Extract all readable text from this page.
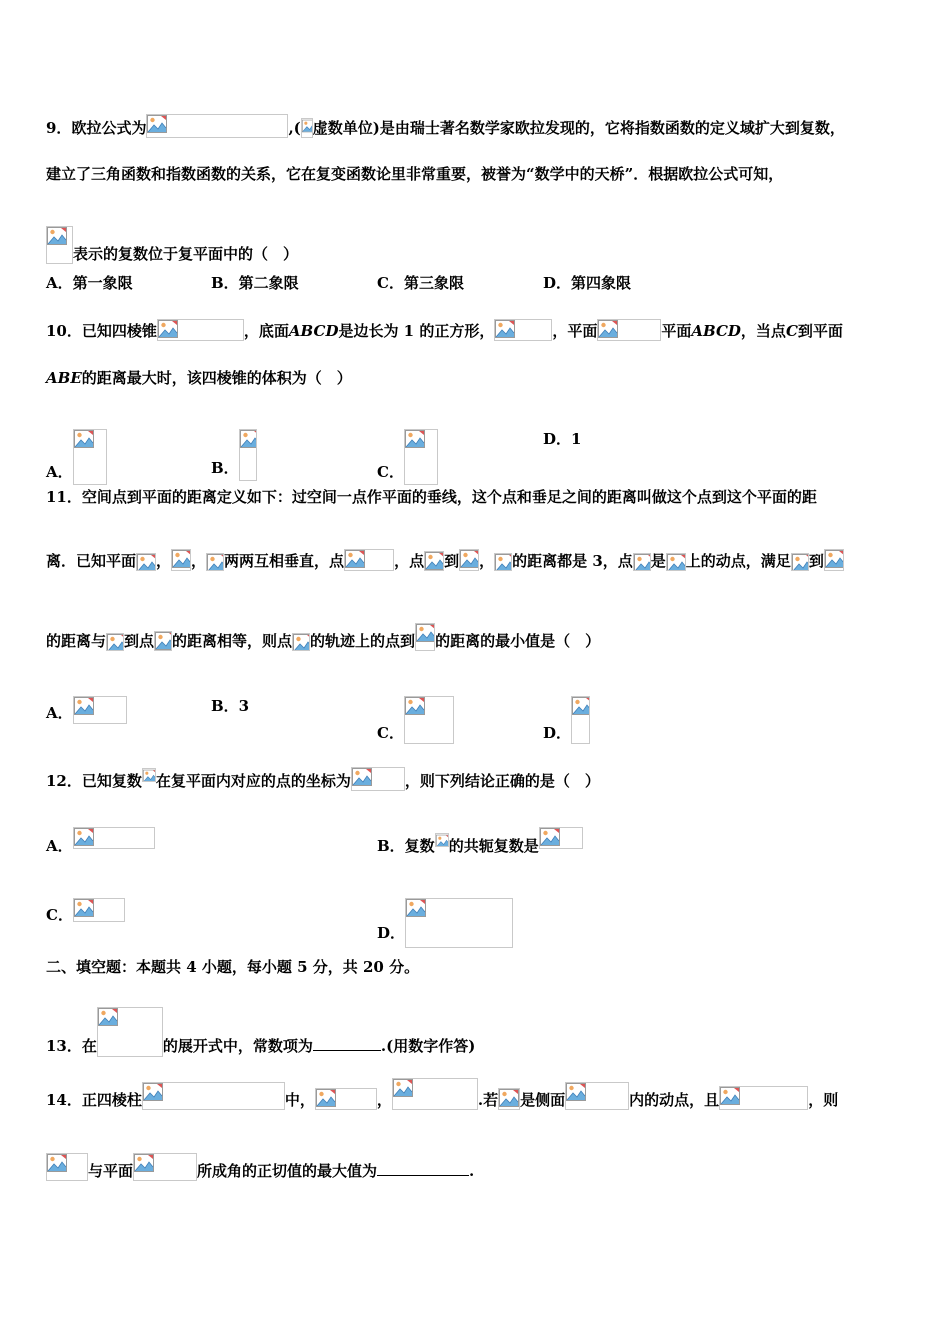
9．欧拉公式为	,( 虚数单位)是由瑞士著名数学家欧拉发现的，它将指数函数的定义域扩大到复数，
建立了三角函数和指数函数的关系，它在复变函数论里非常重要，被誉为“数学中的天桥”．根据欧拉公式可知，
表示的复数位于复平面中的（　）
A．第一象限	B．第二象限	C．第三象限	D．第四象限
10．已知四棱锥	，底面ABCD是边长为 1 的正方形，	，平面	平面ABCD，当点C到平面
ABE的距离最大时，该四棱锥的体积为（　）
A．	B．	C．
D．1
11．空间点到平面的距离定义如下：过空间一点作平面的垂线，这个点和垂足之间的距离叫做这个点到这个平面的距
离．已知平面 ， ， 两两互相垂直，点	，点 到 ， 的距离都是 3，点 是 上的动点，满足 到
的距离与 到点 的距离相等，则点 的轨迹上的点到 的距离的最小值是（　）
A．	B．3
C．	D．
12．已知复数 在复平面内对应的点的坐标为	，则下列结论正确的是（　）
A．	B．复数 的共轭复数是
C．
D．
二、填空题：本题共 4 小题，每小题 5 分，共 20 分。
13．在	的展开式中，常数项为	.(用数字作答)
14．正四棱柱	中，	，	.若 是侧面	内的动点，且	，则
与平面	所成角的正切值的最大值为	.
